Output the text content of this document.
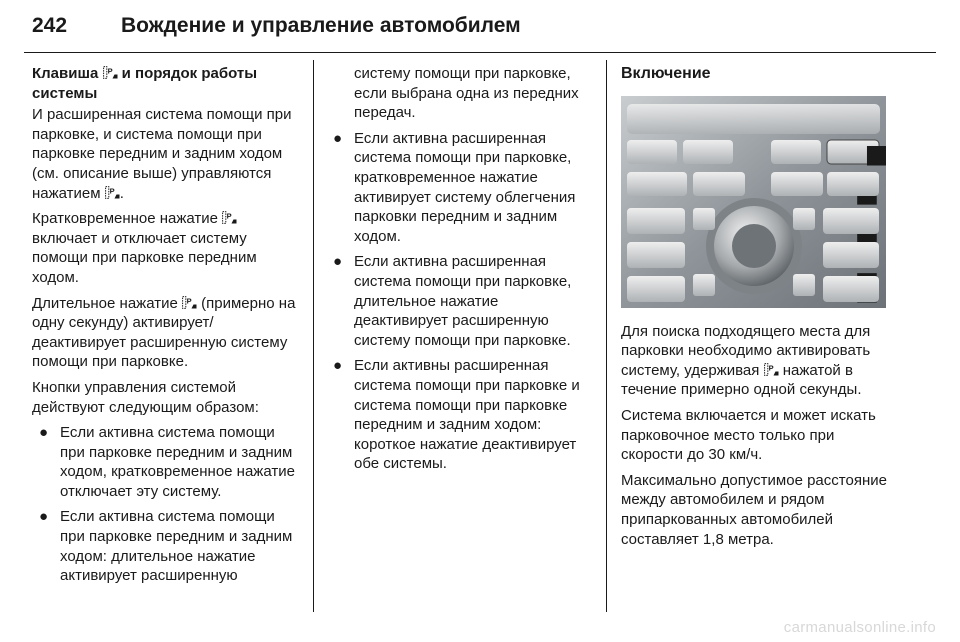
242	Вождение и управление автомобилем

Клавиша и порядок работы системы

И расширенная система помощи при парковке, и система помощи при парковке передним и задним ходом (см. описание выше) управляются нажатием .

Кратковременное нажатие  включает и отключает систему помощи при парковке передним ходом.

Длительное нажатие (примерно на одну секунду) активирует/деактивирует расширенную систему помощи при парковке.

Кнопки управления системой действуют следующим образом:

● Если активна система помощи при парковке передним и задним ходом, кратковременное нажатие отключает эту систему.
● Если активна система помощи при парковке передним и задним ходом: длительное нажатие активирует расширенную

систему помощи при парковке, если выбрана одна из передних передач.

● Если активна расширенная система помощи при парковке, кратковременное нажатие активирует систему облегчения парковки передним и задним ходом.
● Если активна расширенная система помощи при парковке, длительное нажатие деактивирует расширенную систему помощи при парковке.
● Если активны расширенная система помощи при парковке и система помощи при парковке передним и задним ходом: короткое нажатие деактивирует обе системы.

Включение

Для поиска подходящего места для парковки необходимо активировать систему, удерживая нажатой в течение примерно одной секунды.

Система включается и может искать парковочное место только при скорости до 30 км/ч.

Максимально допустимое расстояние между автомобилем и рядом припаркованных автомобилей составляет 1,8 метра.

carmanualsonline.info
